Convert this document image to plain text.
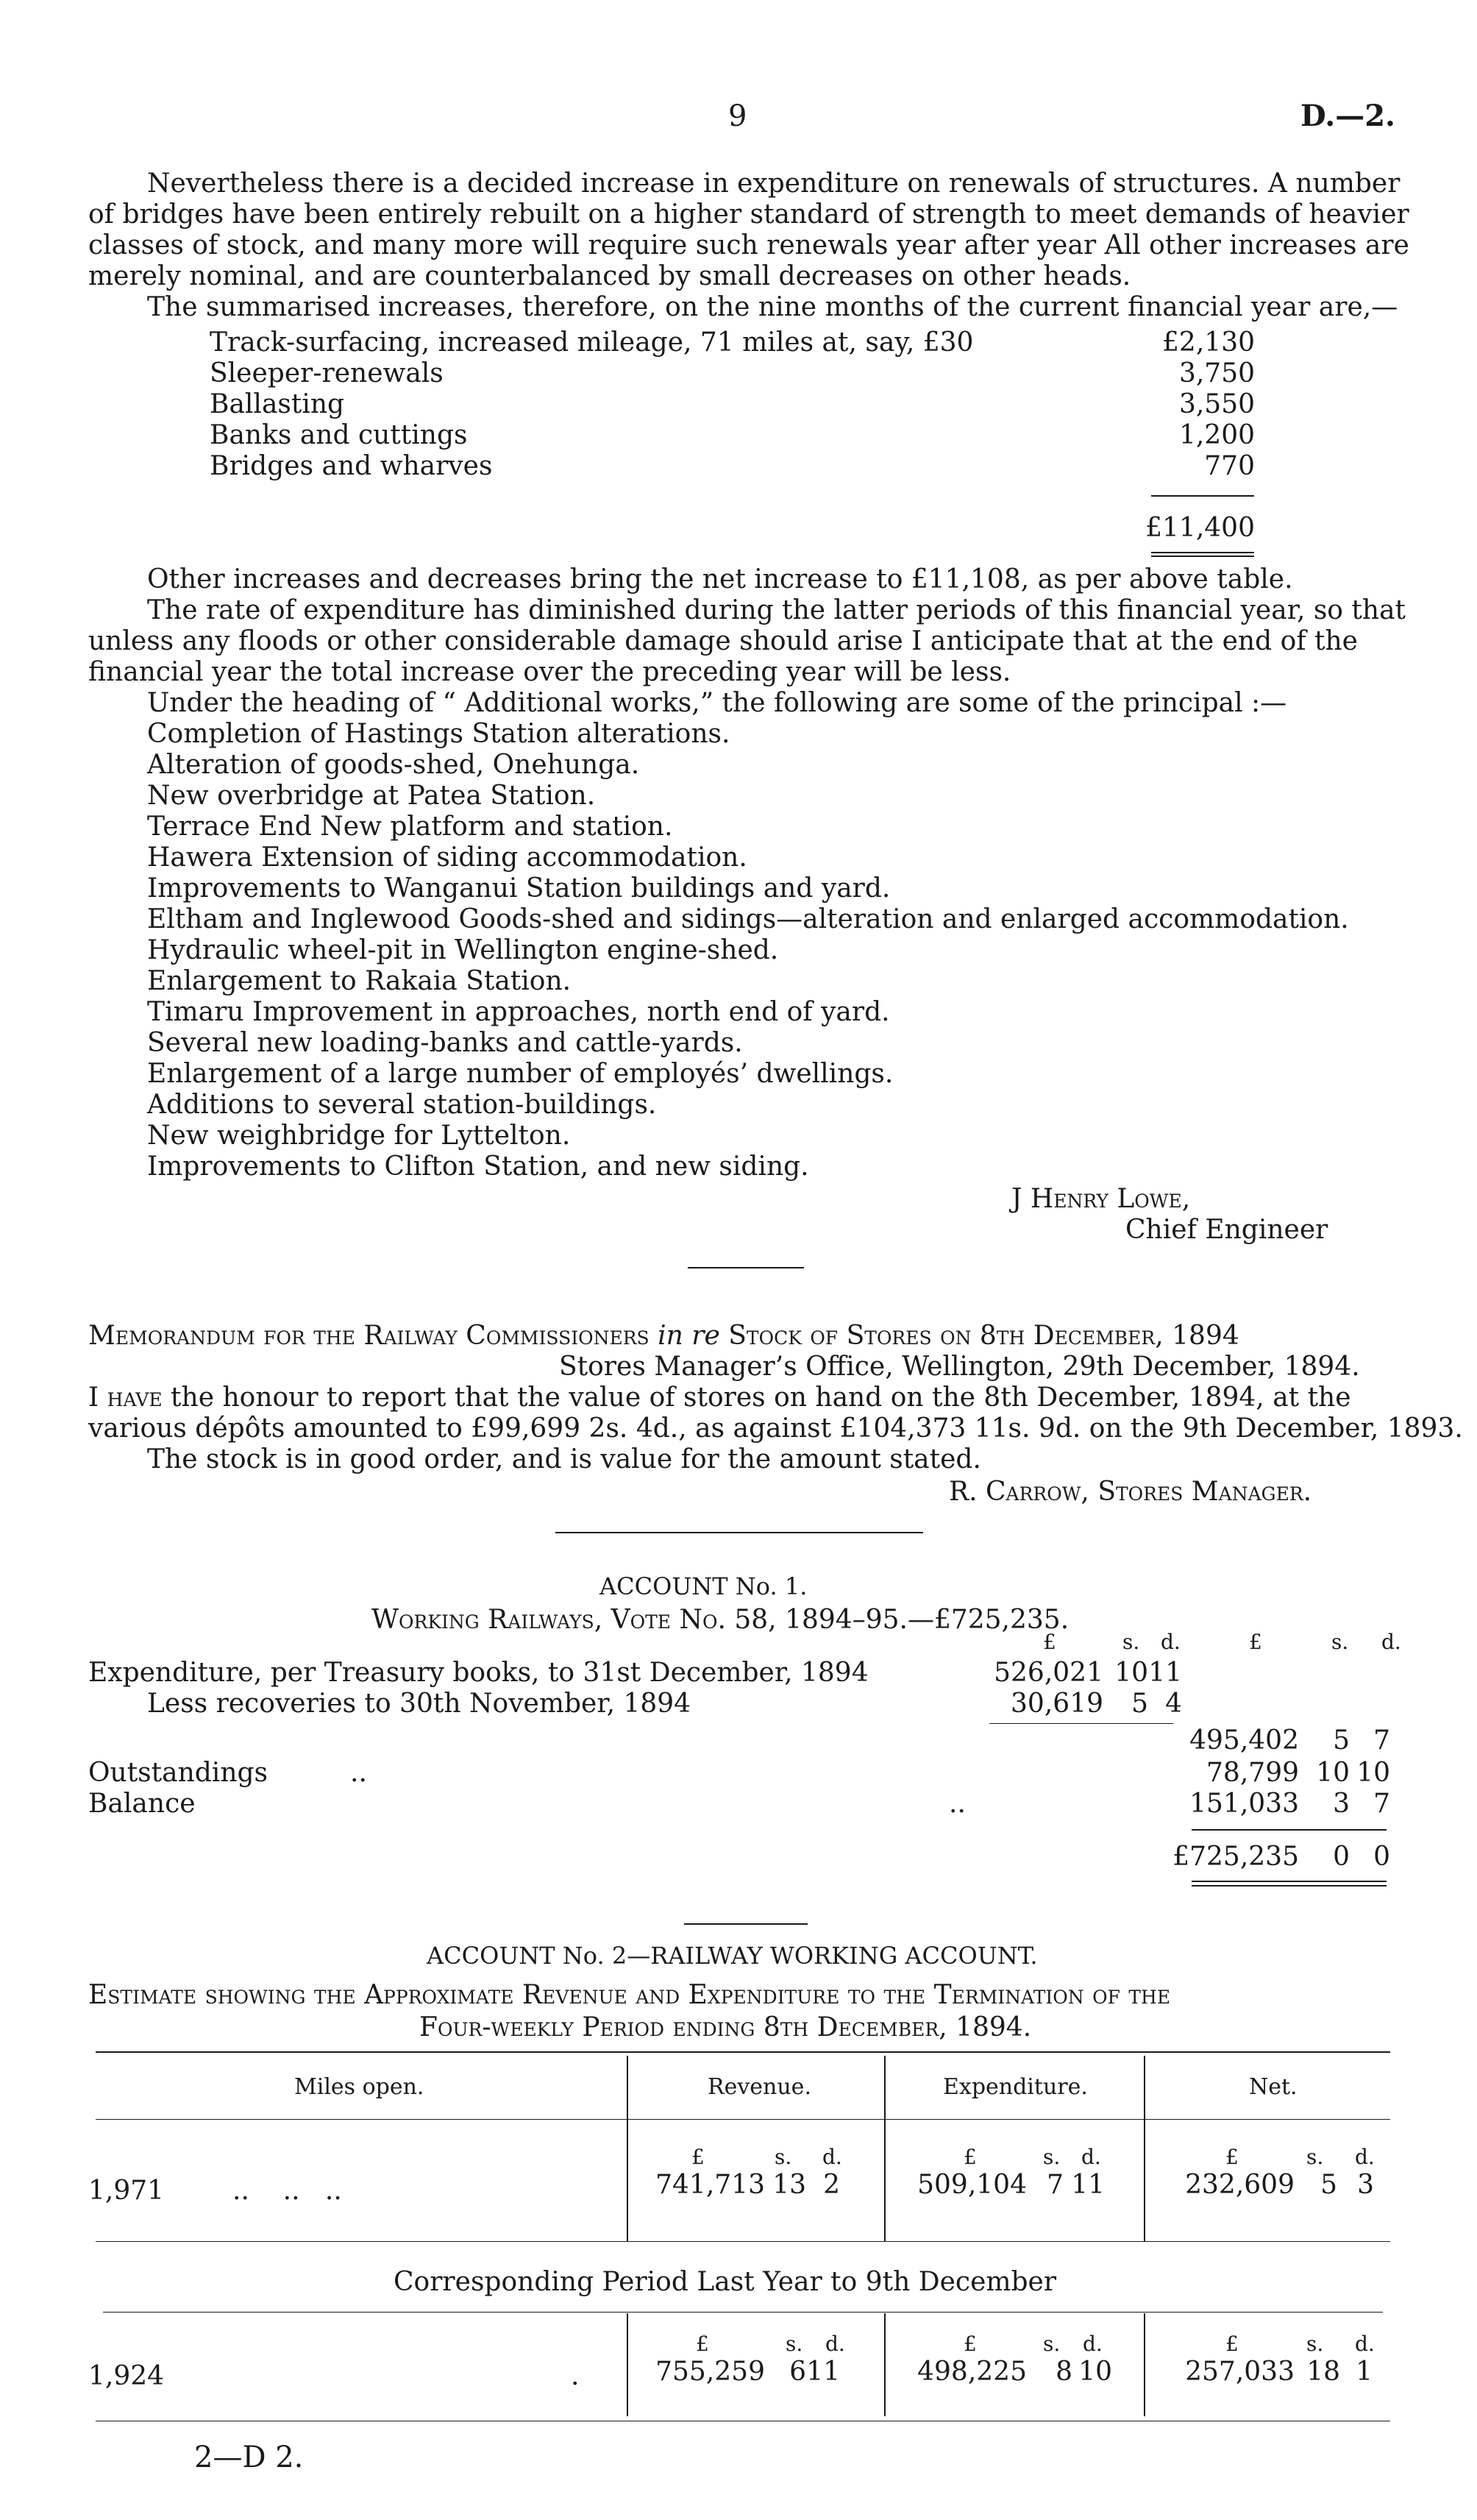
9	D.—2.
Nevertheless there is a decided increase in expenditure on renewals of structures. A number
of bridges have been entirely rebuilt on a higher standard of strength to meet demands of heavier
classes of stock, and many more will require such renewals year after year All other increases are
merely nominal, and are counterbalanced by small decreases on other heads.
The summarised increases, therefore, on the nine months of the current financial year are,—
Track-surfacing, increased mileage, 71 miles at, say, £30	£2,130
Sleeper-renewals	3,750
Ballasting	3,550
Banks and cuttings	1,200
Bridges and wharves	770
£11,400
Other increases and decreases bring the net increase to £11,108, as per above table.
The rate of expenditure has diminished during the latter periods of this financial year, so that
unless any floods or other considerable damage should arise I anticipate that at the end of the
financial year the total increase over the preceding year will be less.
Under the heading of “ Additional works,” the following are some of the principal :—
Completion of Hastings Station alterations.
Alteration of goods-shed, Onehunga.
New overbridge at Patea Station.
Terrace End New platform and station.
Hawera Extension of siding accommodation.
Improvements to Wanganui Station buildings and yard.
Eltham and Inglewood Goods-shed and sidings—alteration and enlarged accommodation.
Hydraulic wheel-pit in Wellington engine-shed.
Enlargement to Rakaia Station.
Timaru Improvement in approaches, north end of yard.
Several new loading-banks and cattle-yards.
Enlargement of a large number of employés’ dwellings.
Additions to several station-buildings.
New weighbridge for Lyttelton.
Improvements to Clifton Station, and new siding.
J Henry Lowe,
Chief Engineer
Memorandum for the Railway Commissioners in re Stock of Stores on 8th December, 1894
Stores Manager’s Office, Wellington, 29th December, 1894.
I have the honour to report that the value of stores on hand on the 8th December, 1894, at the
various dépôts amounted to £99,699 2s. 4d., as against £104,373 11s. 9d. on the 9th December, 1893.
The stock is in good order, and is value for the amount stated.
R. Carrow, Stores Manager.
ACCOUNT No. 1.
Working Railways, Vote No. 58, 1894–95.—£725,235.
£	s. d.	£	s. d.
Expenditure, per Treasury books, to 31st December, 1894	526,021 10 11
Less recoveries to 30th November, 1894	30,619 5 4
495,402 5 7
Outstandings	..	78,799 10 10
Balance	..	151,033 3 7
£725,235 0 0
ACCOUNT No. 2—RAILWAY WORKING ACCOUNT.
Estimate showing the Approximate Revenue and Expenditure to the Termination of the
Four-weekly Period ending 8th December, 1894.
Miles open.	Revenue.	Expenditure.	Net.
£	s. d.	£	s. d.	£	s. d.
1,971	..    ..   ..	741,713 13 2	509,104 7 11	232,609 5 3
Corresponding Period Last Year to 9th December
£	s. d.	£	s. d.	£	s. d.
1,924	.	755,259 6 11	498,225 8 10	257,033 18 1
2—D 2.
